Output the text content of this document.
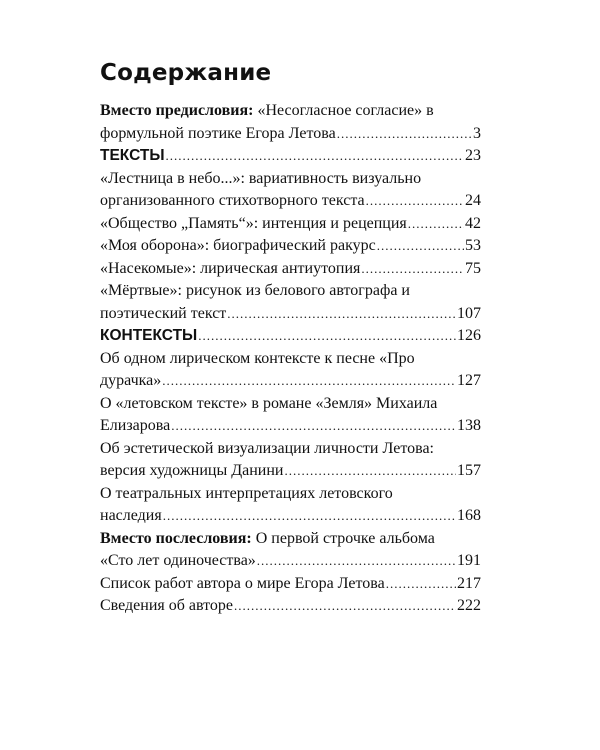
Содержание
Вместо предисловия: «Несогласное согласие» в
формульной поэтике Егора Летова .....	3
ТЕКСТЫ .....	23
«Лестница в небо...»: вариативность визуально
организованного стихотворного текста .....	24
«Общество „Память“»: интенция и рецепция .....	42
«Моя оборона»: биографический ракурс .....	53
«Насекомые»: лирическая антиутопия .....	75
«Мёртвые»: рисунок из белового автографа и
поэтический текст .....	107
КОНТЕКСТЫ .....	126
Об одном лирическом контексте к песне «Про
дурачка» .....	127
О «летовском тексте» в романе «Земля» Михаила
Елизарова .....	138
Об эстетической визуализации личности Летова:
версия художницы Данини .....	157
О театральных интерпретациях летовского
наследия .....	168
Вместо послесловия: О первой строчке альбома
«Сто лет одиночества» .....	191
Список работ автора о мире Егора Летова .....	217
Сведения об авторе .....	222
